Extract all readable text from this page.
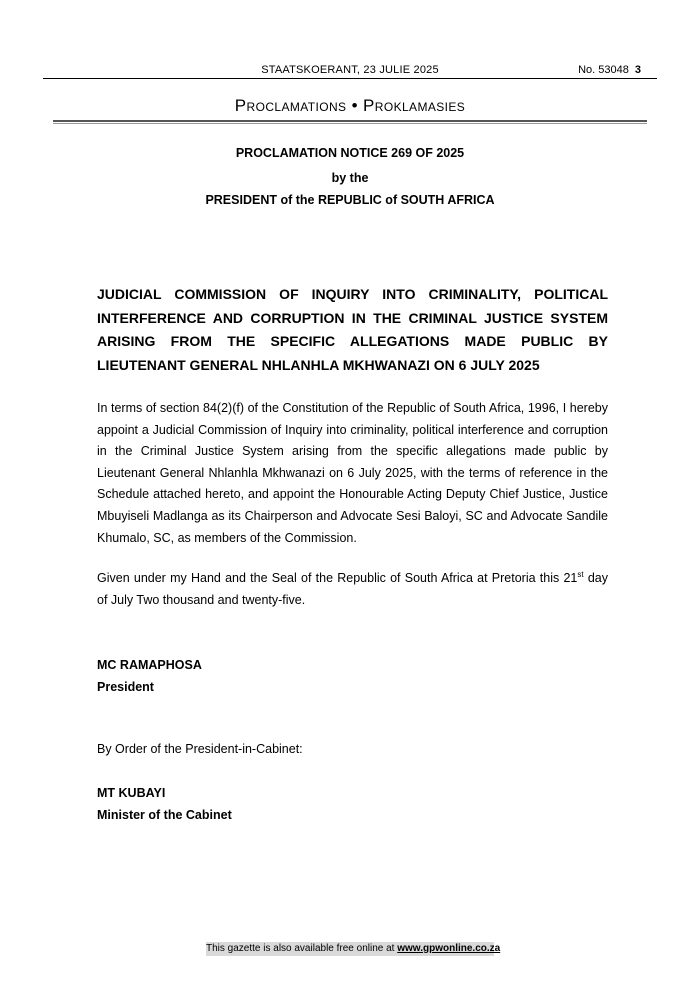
STAATSKOERANT, 23 JULIE 2025	No. 53048 3
Proclamations • Proklamasies
PROCLAMATION NOTICE 269 OF 2025
by the
PRESIDENT of the REPUBLIC of SOUTH AFRICA
JUDICIAL COMMISSION OF INQUIRY INTO CRIMINALITY, POLITICAL INTERFERENCE AND CORRUPTION IN THE CRIMINAL JUSTICE SYSTEM ARISING FROM THE SPECIFIC ALLEGATIONS MADE PUBLIC BY LIEUTENANT GENERAL NHLANHLA MKHWANAZI ON 6 JULY 2025
In terms of section 84(2)(f) of the Constitution of the Republic of South Africa, 1996, I hereby appoint a Judicial Commission of Inquiry into criminality, political interference and corruption in the Criminal Justice System arising from the specific allegations made public by Lieutenant General Nhlanhla Mkhwanazi on 6 July 2025, with the terms of reference in the Schedule attached hereto, and appoint the Honourable Acting Deputy Chief Justice, Justice Mbuyiseli Madlanga as its Chairperson and Advocate Sesi Baloyi, SC and Advocate Sandile Khumalo, SC, as members of the Commission.
Given under my Hand and the Seal of the Republic of South Africa at Pretoria this 21st day of July Two thousand and twenty-five.
MC RAMAPHOSA
President
By Order of the President-in-Cabinet:
MT KUBAYI
Minister of the Cabinet
This gazette is also available free online at www.gpwonline.co.za
